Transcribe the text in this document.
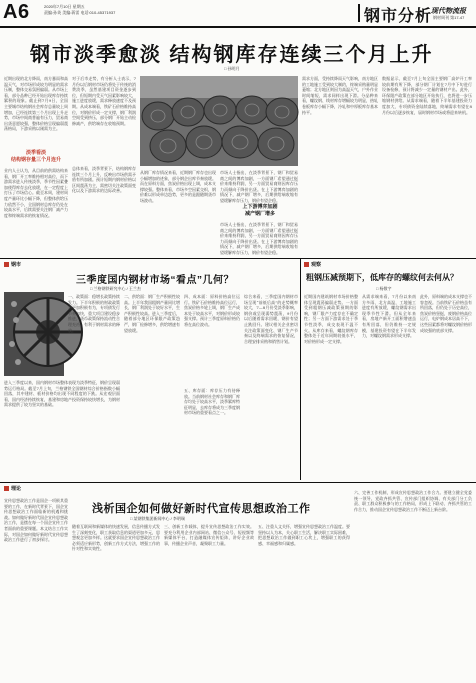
A6	2020年7月10日 星期五
责编:孙英 美编:蒋雷 电话:010-45371937	钢市分析
现代物流报
钢材周刊 第17-47
钢市淡季愈淡 结构钢库存连续三个月上升
□ 孙明月
近期出现的北方降雨，南方暴雨和高温天气，对市场形成较为明显的需求压制，整体交易氛围偏弱。从市场上看，部分品种已经开始出现库存持续累积的现象。截止到7月9日，全国主要城市结构钢社会库存总量较上周增加，已经连续第三个月出现上升走势，市场中间商普遍有压力，贸易商出货意愿较强，整体价格呈现偏弱震荡格局，下游采购以刚需为主。
淡季看淡
结构钢存量三个月连升
业内人士认为，从目前的供需结构来看，钢厂开工率维持相对高位，而下游需求进入传统淡季，季节性因素叠加使得库存去化放缓，在一定程度上打压了市场信心。截至本周，建材周度产量环比小幅下降，但整体供给压力依然不小，全国钢材总库存仍处在较高水平，后续需要关注钢厂减产力度和终端需求的恢复情况。
对于后市走势，有分析人士表示，7月份以后钢材市场仍将处于传统的消费淡季，虽然基建项目资金逐步到位，但短期内受天气因素影响较大，施工进度放缓，需求释放速度不及预期。从成本端看，铁矿石价格维持高位，对钢价形成一定支撑，钢厂利润空间受到挤压，部分钢厂开始主动检修减产，供给端存在收缩预期。
总体来看，淡季背景下，结构钢库存连续三个月上升，反映出市场供需矛盾有所加剧。预计短期内钢材价格以区间震荡为主，需密切关注政策面变化以及下游需求的边际改善。
从钢厂库存情况来看，近期钢厂库存也出现小幅增加的迹象，部分钢企出库节奏放缓。而在原料方面，焦炭价格出现上调，成本支撑较强。整体来看，市场多空因素交织，钢价难以形成单边趋势，更多的是跟随期货市场波动。
市场人士指出，在淡季背景下，钢厂和贸易商之间的博弈加剧，一方面钢厂希望通过挺价来维持利润，另一方面贸易商则因库存压力而倾向于降价出货。在上下游博弈加剧的情况下，减产钢厂增多，后期供给端收缩有望缓解库存压力，钢价有望企稳。
上下游博弈加剧
减产钢厂增多
市场人士指出，在淡季背景下，钢厂和贸易商之间的博弈加剧，一方面钢厂希望通过挺价来维持利润，另一方面贸易商则因库存压力而倾向于降价出货。在上下游博弈加剧的情况下，减产钢厂增多，后期供给端收缩有望缓解库存压力，钢价有望企稳。
需求方面，受持续降雨天气影响，南方地区的工地施工受到较大制约，终端采购量明显萎缩；北方地区则因为高温天气，户外作业时间缩短，需求同样出现下滑。分品种来看，螺纹钢、线材库存增幅较为明显，热轧卷板库存小幅下降，冷轧和中厚板库存基本持平。
数据显示，截至7月上旬全国主要钢厂高炉开工率较前期有所下降，部分钢厂计划在7月中下旬进行设备检修，预计将减少一定量的钢材产出。此外，环保限产政策在部分地区开始执行，也将进一步压缩钢材供给。从需求端看，随着下半年基建投资力度加大，专项债资金陆续落地，终端需求有望在8月份以后逐步恢复，届时钢材市场或将迎来转机。
钢市
三季度国内钢材市场“看点”几何？
□ 兰格钢铁研究中心 / 王兰杰
一、政策面：稳增长政策持续发力。下半年积极的财政政策将更加积极有为，专项债发行节奏加快，重大项目建设稳步推进，货币政策保持流动性合理充裕，有利于钢材需求的释放。
进入三季度以来，国内钢材市场整体表现为淡季特征，钢价呈现弱势运行格局。截至7月上旬，兰格钢铁全国钢材综合价格指数小幅回落，其中建材、板材价格均出现不同程度的下跌。从宏观层面看，国内经济持续恢复，基建和房地产投资保持较快增长，为钢材需求提供了较为坚实的基础。
二、供给面：钢厂生产积极性较高。上半年我国粗钢产量同比增长，钢厂利润处于较好水平，生产积极性较高。进入三季度后，随着部分地区环保限产政策趋严，钢厂检修增多，供给增速有望放缓。
四、成本面：原料价格高位运行。铁矿石价格维持高位运行，焦炭价格多轮上调，钢厂生产成本处于较高水平，对钢价形成较强支撑。预计三季度原料价格仍将在高位波动。
五、库存面：库存压力有待释放。当前钢材社会库存和钢厂库存均处于较高水平，淡季累库特征明显，去库存将成为三季度钢材市场的重要看点之一。
综合来看，三季度国内钢材市场呈现“前低后高”的走势概率较大，7—8月份受淡季影响，钢价或呈现弱势震荡，9月份以后随着需求回暖，钢价有望止跌回升。建议相关企业密切关注政策面变化、钢厂生产节奏以及终端需求的恢复情况，合理安排采购和销售计划。
观察
粗钢压减预期下，低库存的螺纹何去何从？
□ 杨敬宇
近期国内建筑钢材市场价格整体呈现震荡偏弱走势。一方面受到粗钢压减政策预期的影响，钢厂限产力度存在不确定性；另一方面下游需求处于季节性淡季，成交表现不温不火。从库存来看，螺纹钢库存整体处于近年同期较低水平，对价格形成一定支撑。
从需求端来看，7月份以来南方多雨、北方高温，工地施工进度有所放缓，螺纹钢需求出现季节性下滑。但从全年来看，房地产新开工面积增速虽有所回落，但仍维持一定规模，基建投资有望在下半年发力，对螺纹钢需求形成支撑。
此外，原料端的成本支撑也不容忽视。当前铁矿石价格虽有所回落，但仍处于历史高位，焦炭价格坚挺，废钢价格高位运行，电炉钢成本居高不下，这些因素都将对螺纹钢价格形成较强的底部支撑。
理论
浅析国企如何做好新时代宣传思想政治工作
□ 某钢铁集团新闻中心 / 李明瑞
宣传思想政治工作是国企一项极其重要的工作，在新时代背景下，国企宣传思想政治工作面临新的机遇和挑战。如何做好新时代国企宣传思想政治工作，是摆在每一个国企宣传工作者面前的重要课题。本文结合工作实际，对国企如何做好新时代宣传思想政治工作进行了初步探讨。
随着互联网和新媒体的快速发展，信息传播方式发生了深刻变化，职工获取信息的渠道更加多元，思想观念更加多样。这就要求国企宣传思想政治工作必须适应新形势，创新工作方式方法，增强工作的针对性和实效性。
三、创新工作载体，提升宣传思想政治工作实效。要充分利用企业内部网站、微信公众号、短视频等新媒体平台，打造融媒体宣传矩阵，讲好企业故事，传播企业声音，凝聚职工力量。
五、注重人文关怀，增强宣传思想政治工作温度。要坚持以人为本，关心职工生活，解决职工实际困难，把思想政治工作做到职工心坎上，增强职工的获得感、幸福感和归属感。
六、完善工作机制，形成宣传思想政治工作合力。要建立健全党委统一领导、党政齐抓共管、宣传部门组织协调、有关部门分工负责、职工群众积极参与的工作格局，形成上下联动、齐抓共管的工作合力，推动国企宣传思想政治工作不断迈上新台阶。
